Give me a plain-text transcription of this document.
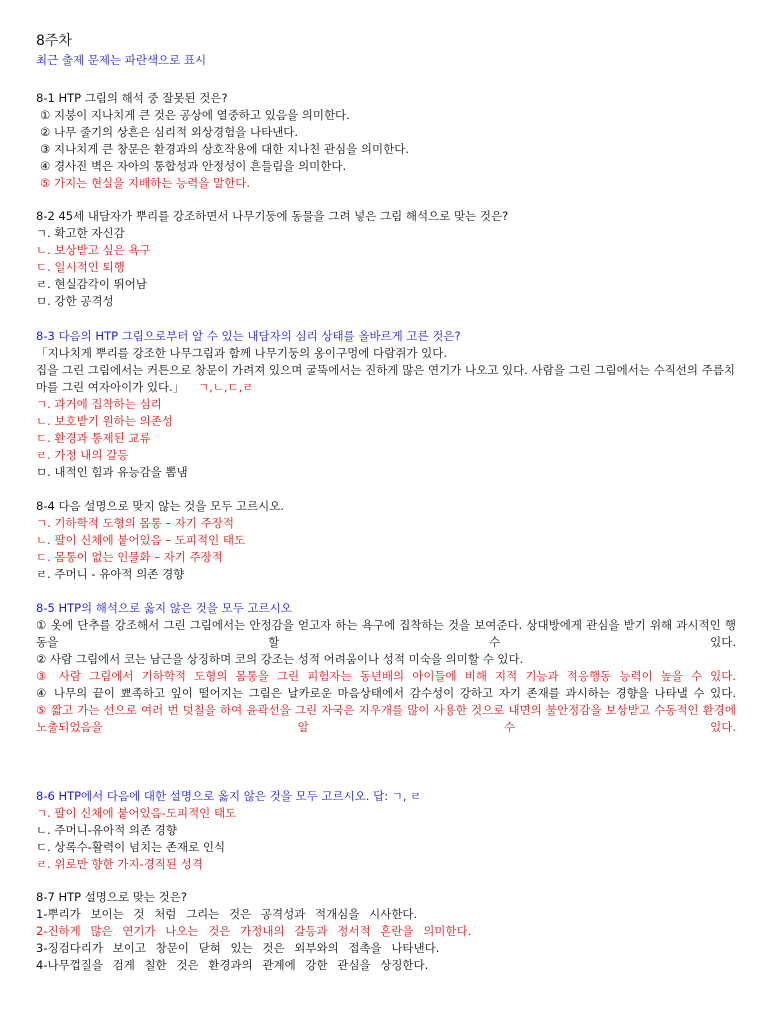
8주차
최근 출제 문제는 파란색으로 표시
8-1 HTP 그림의 해석 중 잘못된 것은?
① 지붕이 지나치게 큰 것은 공상에 열중하고 있음을 의미한다.
② 나무 줄기의 상흔은 심리적 외상경험을 나타낸다.
③ 지나치게 큰 창문은 환경과의 상호작용에 대한 지나친 관심을 의미한다.
④ 경사진 벽은 자아의 통합성과 안정성이 흔들림을 의미한다.
⑤ 가지는 현실을 지배하는 능력을 말한다.
8-2 45세 내담자가 뿌리를 강조하면서 나무기둥에 동물을 그려 넣은 그림 해석으로 맞는 것은?
ㄱ. 확고한 자신감
ㄴ. 보상받고 싶은 욕구
ㄷ. 일시적인 퇴행
ㄹ. 현실감각이 뛰어남
ㅁ. 강한 공격성
8-3 다음의 HTP 그림으로부터 알 수 있는 내담자의 심리 상태를 올바르게 고른 것은?
「지나치게 뿌리를 강조한 나무그림과 함께 나무기둥의 옹이구멍에 다람쥐가 있다.
집을 그린 그림에서는 커튼으로 창문이 가려져 있으며 굴뚝에서는 진하게 많은 연기가 나오고 있다. 사람을 그린 그림에서는 수직선의 주름치마를 그린 여자아이가 있다.」 ㄱ,ㄴ,ㄷ,ㄹ
ㄱ. 과거에 집착하는 심리
ㄴ. 보호받기 원하는 의존성
ㄷ. 환경과 통제된 교류
ㄹ. 가정 내의 갈등
ㅁ. 내적인 힘과 유능감을 뽐냄
8-4 다음 설명으로 맞지 않는 것을 모두 고르시오.
ㄱ. 기하학적 도형의 몸통 – 자기 주장적
ㄴ. 팔이 신체에 붙어있음 – 도피적인 태도
ㄷ. 몸통이 없는 인물화 – 자기 주장적
ㄹ. 주머니 - 유아적 의존 경향
8-5 HTP의 해석으로 옳지 않은 것을 모두 고르시오
① 옷에 단추를 강조해서 그린 그림에서는 안정감을 얻고자 하는 욕구에 집착하는 것을 보여준다. 상대방에게 관심을 받기 위해 과시적인 행동을 할 수 있다.
② 사람 그림에서 코는 남근을 상징하며 코의 강조는 성적 어려움이나 성적 미숙을 의미할 수 있다.
③ 사람 그림에서 기하학적 도형의 몸통을 그린 피험자는 동년배의 아이들에 비해 지적 기능과 적응행동 능력이 높을 수 있다.
④ 나무의 끝이 뾰족하고 잎이 떨어지는 그림은 날카로운 마음상태에서 감수성이 강하고 자기 존재를 과시하는 경향을 나타낼 수 있다.
⑤ 짧고 가는 선으로 여러 번 덧칠을 하여 윤곽선을 그린 자국은 지우개를 많이 사용한 것으로 내면의 불안정감을 보상받고 수동적인 환경에 노출되었음을 알 수 있다.
8-6 HTP에서 다음에 대한 설명으로 옳지 않은 것을 모두 고르시오. 답: ㄱ, ㄹ
ㄱ. 팔이 신체에 붙어있음-도피적인 태도
ㄴ. 주머니-유아적 의존 경향
ㄷ. 상록수-활력이 넘치는 존재로 인식
ㄹ. 위로만 향한 가지-경직된 성격
8-7 HTP 설명으로 맞는 것은?
1-뿌리가 보이는 것 처럼 그리는 것은 공격성과 적개심을 시사한다.
2-진하게 많은 연기가 나오는 것은 가정내의 갈등과 정서적 혼란을 의미한다.
3-징검다리가 보이고 창문이 닫혀 있는 것은 외부와의 접촉을 나타낸다.
4-나무껍질을 검게 칠한 것은 환경과의 관계에 강한 관심을 상징한다.
